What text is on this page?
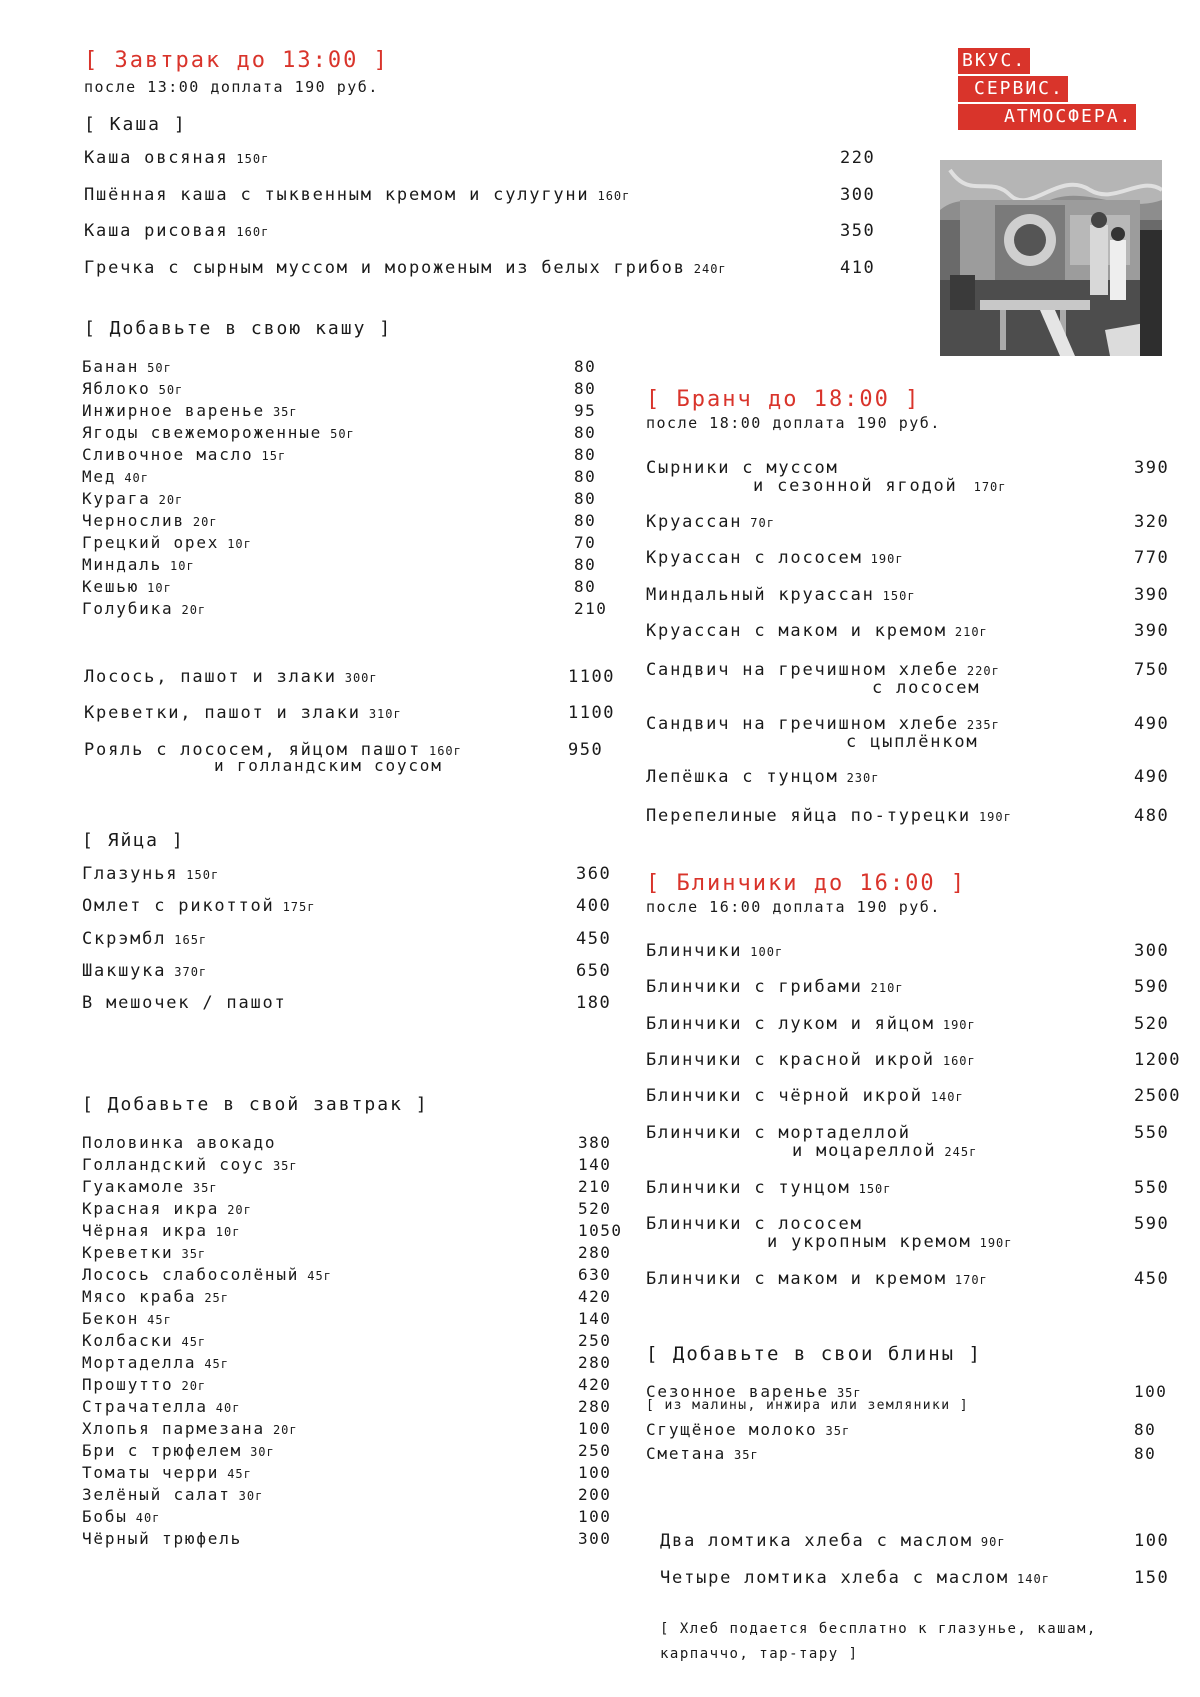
ВКУС.
СЕРВИС.
АТМОСФЕРА.
[ Завтрак до 13:00 ]
после 13:00 доплата 190 руб.
[ Каша ]
Каша овсяная 150г	220
Пшённая каша с тыквенным кремом и сулугуни 160г	300
Каша рисовая 160г	350
Гречка с сырным муссом и мороженым из белых грибов 240г	410
[ Добавьте в свою кашу ]
Банан 50г	80
Яблоко 50г	80
Инжирное варенье 35г	95
Ягоды свежемороженные 50г	80
Сливочное масло 15г	80
Мед 40г	80
Курага 20г	80
Чернослив 20г	80
Грецкий орех 10г	70
Миндаль 10г	80
Кешью 10г	80
Голубика 20г	210
Лосось, пашот и злаки 300г	1100
Креветки, пашот и злаки 310г	1100
Рояль с лососем, яйцом пашот 160г	950
и голландским соусом
[ Яйца ]
Глазунья 150г	360
Омлет с рикоттой 175г	400
Скрэмбл 165г	450
Шакшука 370г	650
В мешочек / пашот	180
[ Добавьте в свой завтрак ]
Половинка авокадо	380
Голландский соус 35г	140
Гуакамоле 35г	210
Красная икра 20г	520
Чёрная икра 10г	1050
Креветки 35г	280
Лосось слабосолёный 45г	630
Мясо краба 25г	420
Бекон 45г	140
Колбаски 45г	250
Мортаделла 45г	280
Прошутто 20г	420
Страчателла 40г	280
Хлопья пармезана 20г	100
Бри с трюфелем 30г	250
Томаты черри 45г	100
Зелёный салат 30г	200
Бобы 40г	100
Чёрный трюфель	300
[ Бранч до 18:00 ]
после 18:00 доплата 190 руб.
Сырники с муссом	390
и сезонной ягодой 170г
Круассан 70г	320
Круассан с лососем 190г	770
Миндальный круассан 150г	390
Круассан с маком и кремом 210г	390
Сандвич на гречишном хлебе 220г	750
с лососем
Сандвич на гречишном хлебе 235г	490
с цыплёнком
Лепёшка с тунцом 230г	490
Перепелиные яйца по-турецки 190г	480
[ Блинчики до 16:00 ]
после 16:00 доплата 190 руб.
Блинчики 100г	300
Блинчики с грибами 210г	590
Блинчики с луком и яйцом 190г	520
Блинчики с красной икрой 160г	1200
Блинчики с чёрной икрой 140г	2500
Блинчики с мортаделлой	550
и моцареллой 245г
Блинчики с тунцом 150г	550
Блинчики с лососем	590
и укропным кремом 190г
Блинчики с маком и кремом 170г	450
[ Добавьте в свои блины ]
Сезонное варенье 35г	100
[ из малины, инжира или земляники ]
Сгущёное молоко 35г	80
Сметана 35г	80
Два ломтика хлеба с маслом 90г	100
Четыре ломтика хлеба с маслом 140г	150
[ Хлеб подается бесплатно к глазунье, кашам,
карпаччо, тар-тару ]
